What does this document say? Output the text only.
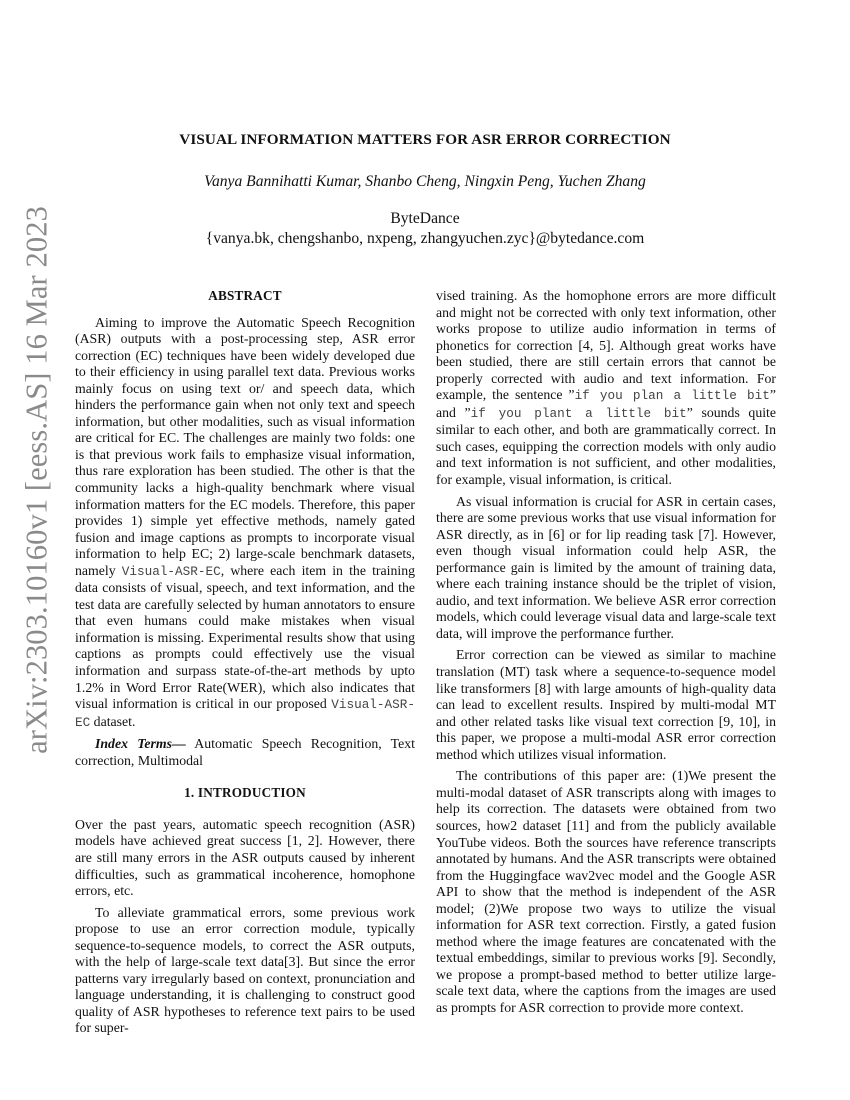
arXiv:2303.10160v1 [eess.AS] 16 Mar 2023
VISUAL INFORMATION MATTERS FOR ASR ERROR CORRECTION
Vanya Bannihatti Kumar, Shanbo Cheng, Ningxin Peng, Yuchen Zhang
ByteDance
{vanya.bk, chengshanbo, nxpeng, zhangyuchen.zyc}@bytedance.com

ABSTRACT

Aiming to improve the Automatic Speech Recognition (ASR) outputs with a post-processing step, ASR error correction (EC) techniques have been widely developed due to their efficiency in using parallel text data. Previous works mainly focus on using text or/ and speech data, which hinders the performance gain when not only text and speech information, but other modalities, such as visual information are critical for EC. The challenges are mainly two folds: one is that previous work fails to emphasize visual information, thus rare exploration has been studied. The other is that the community lacks a high-quality benchmark where visual information matters for the EC models. Therefore, this paper provides 1) simple yet effective methods, namely gated fusion and image captions as prompts to incorporate visual information to help EC; 2) large-scale benchmark datasets, namely Visual-ASR-EC, where each item in the training data consists of visual, speech, and text information, and the test data are carefully selected by human annotators to ensure that even humans could make mistakes when visual information is missing. Experimental results show that using captions as prompts could effectively use the visual information and surpass state-of-the-art methods by upto 1.2% in Word Error Rate(WER), which also indicates that visual information is critical in our proposed Visual-ASR-EC dataset.

Index Terms— Automatic Speech Recognition, Text correction, Multimodal

1. INTRODUCTION

Over the past years, automatic speech recognition (ASR) models have achieved great success [1, 2]. However, there are still many errors in the ASR outputs caused by inherent difficulties, such as grammatical incoherence, homophone errors, etc.

To alleviate grammatical errors, some previous work propose to use an error correction module, typically sequence-to-sequence models, to correct the ASR outputs, with the help of large-scale text data[3]. But since the error patterns vary irregularly based on context, pronunciation and language understanding, it is challenging to construct good quality of ASR hypotheses to reference text pairs to be used for super-

vised training. As the homophone errors are more difficult and might not be corrected with only text information, other works propose to utilize audio information in terms of phonetics for correction [4, 5]. Although great works have been studied, there are still certain errors that cannot be properly corrected with audio and text information. For example, the sentence ”if you plan a little bit” and ”if you plant a little bit” sounds quite similar to each other, and both are grammatically correct. In such cases, equipping the correction models with only audio and text information is not sufficient, and other modalities, for example, visual information, is critical.

As visual information is crucial for ASR in certain cases, there are some previous works that use visual information for ASR directly, as in [6] or for lip reading task [7]. However, even though visual information could help ASR, the performance gain is limited by the amount of training data, where each training instance should be the triplet of vision, audio, and text information. We believe ASR error correction models, which could leverage visual data and large-scale text data, will improve the performance further.

Error correction can be viewed as similar to machine translation (MT) task where a sequence-to-sequence model like transformers [8] with large amounts of high-quality data can lead to excellent results. Inspired by multi-modal MT and other related tasks like visual text correction [9, 10], in this paper, we propose a multi-modal ASR error correction method which utilizes visual information.

The contributions of this paper are: (1)We present the multi-modal dataset of ASR transcripts along with images to help its correction. The datasets were obtained from two sources, how2 dataset [11] and from the publicly available YouTube videos. Both the sources have reference transcripts annotated by humans. And the ASR transcripts were obtained from the Huggingface wav2vec model and the Google ASR API to show that the method is independent of the ASR model; (2)We propose two ways to utilize the visual information for ASR text correction. Firstly, a gated fusion method where the image features are concatenated with the textual embeddings, similar to previous works [9]. Secondly, we propose a prompt-based method to better utilize large-scale text data, where the captions from the images are used as prompts for ASR correction to provide more context.
